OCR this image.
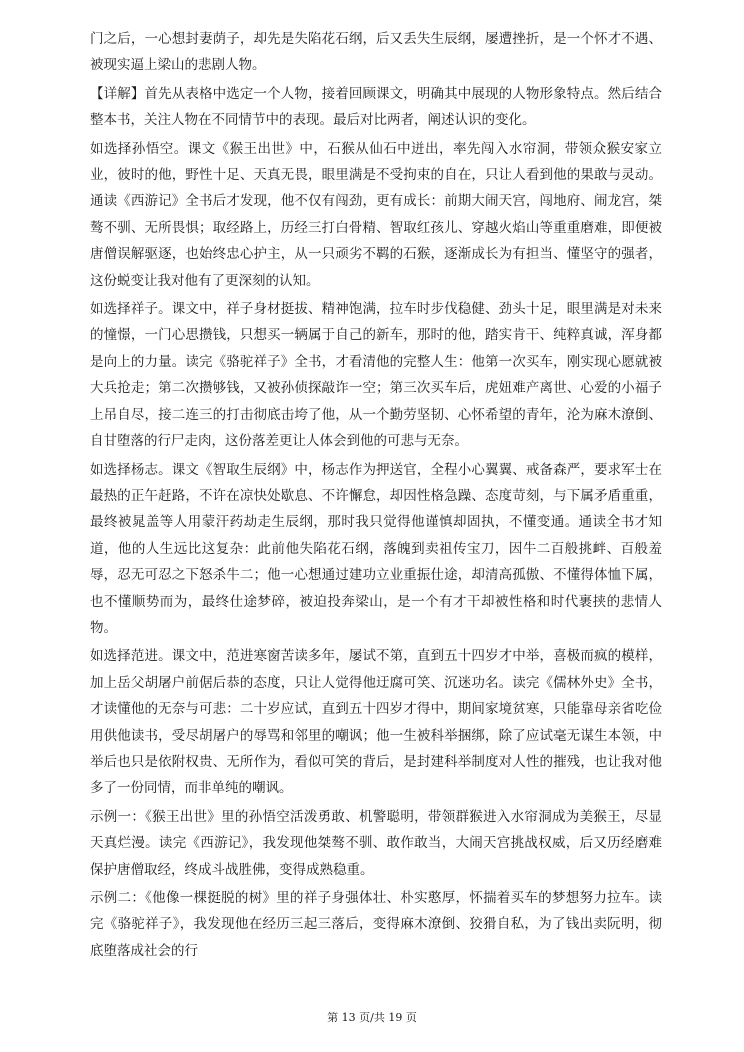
门之后，一心想封妻荫子，却先是失陷花石纲，后又丢失生辰纲，屡遭挫折，是一个怀才不遇、被现实逼上梁山的悲剧人物。

【详解】首先从表格中选定一个人物，接着回顾课文，明确其中展现的人物形象特点。然后结合整本书，关注人物在不同情节中的表现。最后对比两者，阐述认识的变化。

如选择孙悟空。课文《猴王出世》中，石猴从仙石中迸出，率先闯入水帘洞，带领众猴安家立业，彼时的他，野性十足、天真无畏，眼里满是不受拘束的自在，只让人看到他的果敢与灵动。通读《西游记》全书后才发现，他不仅有闯劲，更有成长：前期大闹天宫，闯地府、闹龙宫，桀骜不驯、无所畏惧；取经路上，历经三打白骨精、智取红孩儿、穿越火焰山等重重磨难，即便被唐僧误解驱逐，也始终忠心护主，从一只顽劣不羁的石猴，逐渐成长为有担当、懂坚守的强者，这份蜕变让我对他有了更深刻的认知。

如选择祥子。课文中，祥子身材挺拔、精神饱满，拉车时步伐稳健、劲头十足，眼里满是对未来的憧憬，一门心思攒钱，只想买一辆属于自己的新车，那时的他，踏实肯干、纯粹真诚，浑身都是向上的力量。读完《骆驼祥子》全书，才看清他的完整人生：他第一次买车，刚实现心愿就被大兵抢走；第二次攒够钱，又被孙侦探敲诈一空；第三次买车后，虎妞难产离世、心爱的小福子上吊自尽，接二连三的打击彻底击垮了他，从一个勤劳坚韧、心怀希望的青年，沦为麻木潦倒、自甘堕落的行尸走肉，这份落差更让人体会到他的可悲与无奈。

如选择杨志。课文《智取生辰纲》中，杨志作为押送官，全程小心翼翼、戒备森严，要求军士在最热的正午赶路，不许在凉快处歇息、不许懈怠，却因性格急躁、态度苛刻，与下属矛盾重重，最终被晁盖等人用蒙汗药劫走生辰纲，那时我只觉得他谨慎却固执，不懂变通。通读全书才知道，他的人生远比这复杂：此前他失陷花石纲，落魄到卖祖传宝刀，因牛二百般挑衅、百般羞辱，忍无可忍之下怒杀牛二；他一心想通过建功立业重振仕途，却清高孤傲、不懂得体恤下属，也不懂顺势而为，最终仕途梦碎，被迫投奔梁山，是一个有才干却被性格和时代裹挟的悲情人物。

如选择范进。课文中，范进寒窗苦读多年，屡试不第，直到五十四岁才中举，喜极而疯的模样，加上岳父胡屠户前倨后恭的态度，只让人觉得他迂腐可笑、沉迷功名。读完《儒林外史》全书，才读懂他的无奈与可悲：二十岁应试，直到五十四岁才得中，期间家境贫寒，只能靠母亲省吃俭用供他读书，受尽胡屠户的辱骂和邻里的嘲讽；他一生被科举捆绑，除了应试毫无谋生本领，中举后也只是依附权贵、无所作为，看似可笑的背后，是封建科举制度对人性的摧残，也让我对他多了一份同情，而非单纯的嘲讽。

示例一：《猴王出世》里的孙悟空活泼勇敢、机警聪明，带领群猴进入水帘洞成为美猴王，尽显天真烂漫。读完《西游记》，我发现他桀骜不驯、敢作敢当，大闹天宫挑战权威，后又历经磨难保护唐僧取经，终成斗战胜佛，变得成熟稳重。

示例二：《他像一棵挺脱的树》里的祥子身强体壮、朴实憨厚，怀揣着买车的梦想努力拉车。读完《骆驼祥子》，我发现他在经历三起三落后，变得麻木潦倒、狡猾自私，为了钱出卖阮明，彻底堕落成社会的行

第 13 页/共 19 页
